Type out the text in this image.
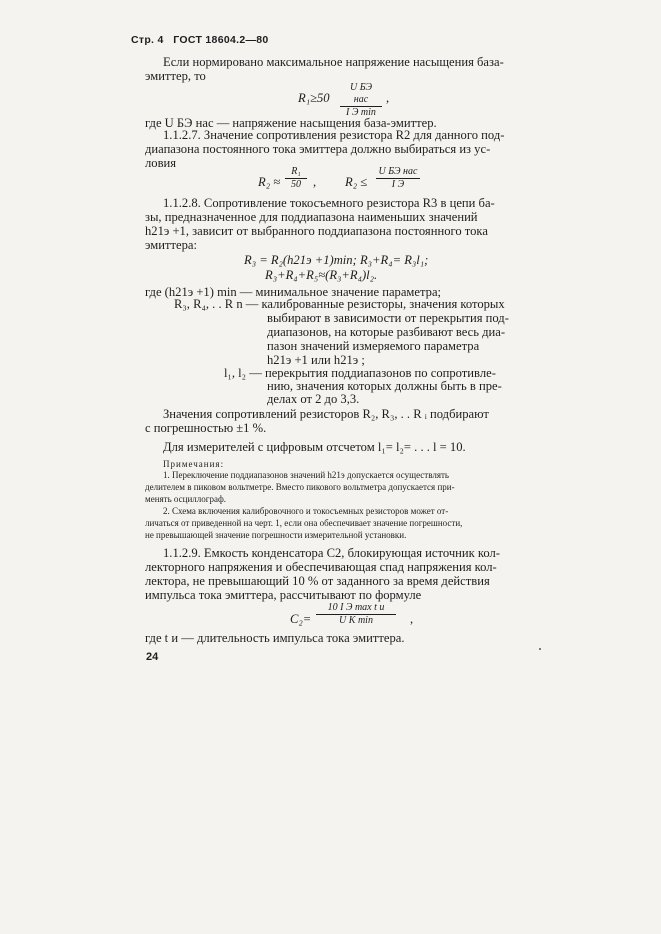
Стр. 4 ГОСТ 18604.2—80
Если нормировано максимальное напряжение насыщения база-
эмиттер, то
R₁≥50
U БЭ нас
I Э min
,
где U БЭ нас — напряжение насыщения база-эмиттер.
1.1.2.7. Значение сопротивления резистора R2 для данного под-
диапазона постоянного тока эмиттера должно выбираться из ус-
ловия
$R_2 \approx \frac{\text{R₁}}{50}$ , R₂ ≤
U БЭ нас
I Э
1.1.2.8. Сопротивление токосъемного резистора R3 в цепи ба-
зы, предназначенное для поддиапазона наименьших значений
h21э +1, зависит от выбранного поддиапазона постоянного тока
эмиттера:
R₃ = R₂(h21э +1)min; R₃+R₄= R₃l₁;
R₃+R₄+R₅≈(R₃+R₄)l₂.
где (h21э +1) min — минимальное значение параметра;
R₃, R₄, . . R n — калиброванные резисторы, значения которых
выбирают в зависимости от перекрытия под-
диапазонов, на которые разбивают весь диа-
пазон значений измеряемого параметра
h21э +1 или h21э ;
l₁, l₂ — перекрытия поддиапазонов по сопротивле-
нию, значения которых должны быть в пре-
делах от 2 до 3,3.
Значения сопротивлений резисторов R₂, R₃, . . R ᵢ подбирают
с погрешностью ±1 %.
Для измерителей с цифровым отсчетом l₁= l₂= . . . l = 10.
Примечания:
1. Переключение поддиапазонов значений h21э допускается осуществлять
делителем в пиковом вольтметре. Вместо пикового вольтметра допускается при-
менять осциллограф.
2. Схема включения калибровочного и токосъемных резисторов может от-
личаться от приведенной на черт. 1, если она обеспечивает значение погрешности,
не превышающей значение погрешности измерительной установки.
1.1.2.9. Емкость конденсатора C2, блокирующая источник кол-
лекторного напряжения и обеспечивающая спад напряжения кол-
лектора, не превышающий 10 % от заданного за время действия
импульса тока эмиттера, рассчитывают по формуле
C₂=
10 I Э max t и
U K min	,
где t и — длительность импульса тока эмиттера.
24
